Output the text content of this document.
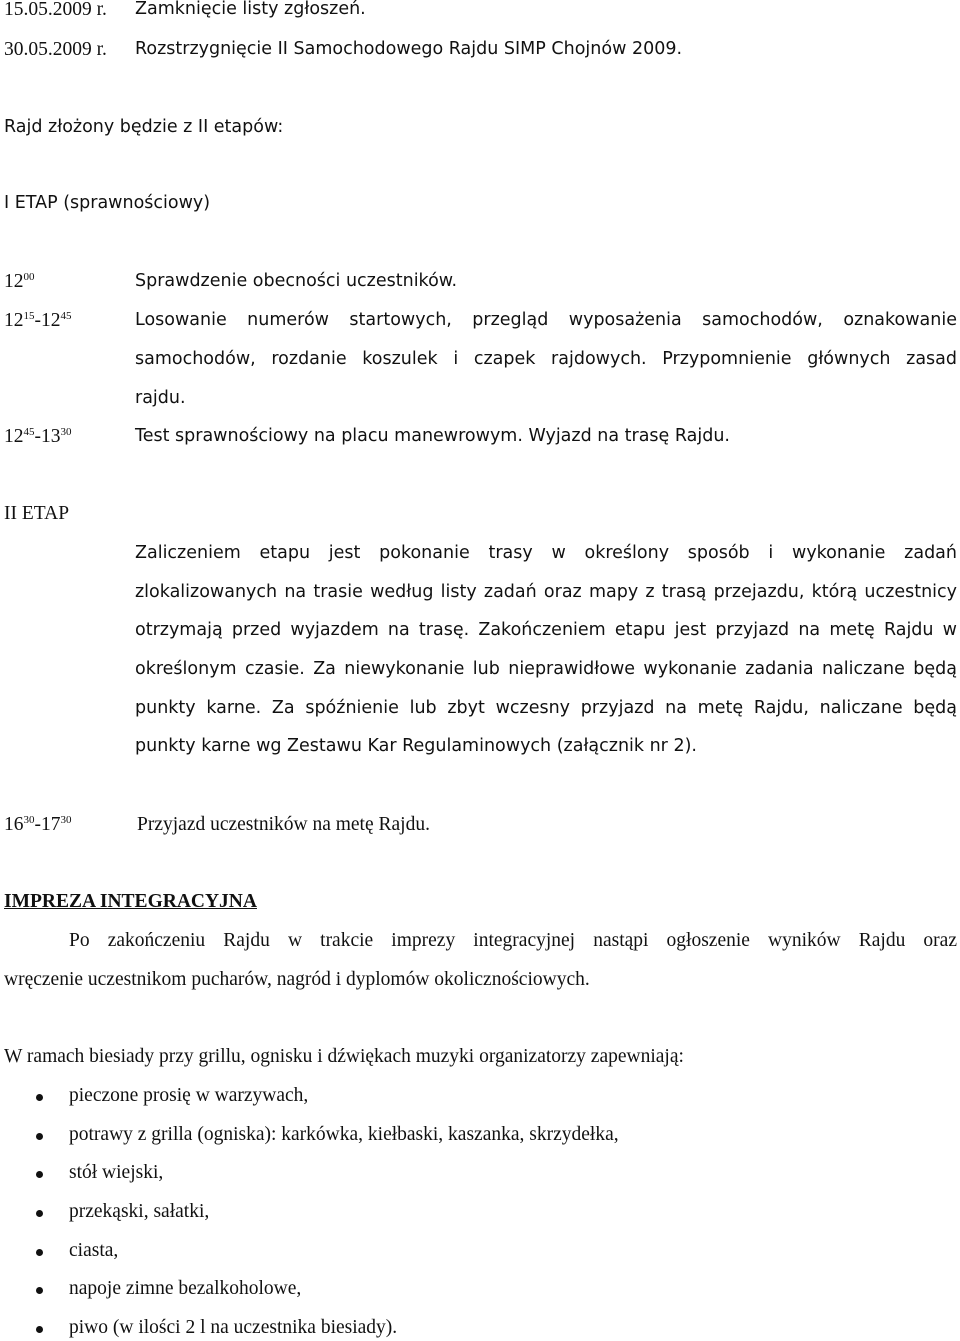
15.05.2009 r. Zamknięcie listy zgłoszeń.
30.05.2009 r. Rozstrzygnięcie II Samochodowego Rajdu SIMP Chojnów 2009.
Rajd złożony będzie z II etapów:
I ETAP (sprawnościowy)
$12^{00}$	Sprawdzenie obecności uczestników.
$12^{15}-12^{45}$	Losowanie numerów startowych, przegląd wyposażenia samochodów, oznakowanie
samochodów, rozdanie koszulek i czapek rajdowych. Przypomnienie głównych zasad
rajdu.
$12^{45}-13^{30}$	Test sprawnościowy na placu manewrowym. Wyjazd na trasę Rajdu.
II ETAP
Zaliczeniem etapu jest pokonanie trasy w określony sposób i wykonanie zadań
zlokalizowanych na trasie według listy zadań oraz mapy z trasą przejazdu, którą uczestnicy
otrzymają przed wyjazdem na trasę. Zakończeniem etapu jest przyjazd na metę Rajdu w
określonym czasie. Za niewykonanie lub nieprawidłowe wykonanie zadania naliczane będą
punkty karne. Za spóźnienie lub zbyt wczesny przyjazd na metę Rajdu, naliczane będą
punkty karne wg Zestawu Kar Regulaminowych (załącznik nr 2).
$16^{30}-17^{30}$	Przyjazd uczestników na metę Rajdu.
IMPREZA INTEGRACYJNA
Po zakończeniu Rajdu w trakcie imprezy integracyjnej nastąpi ogłoszenie wyników Rajdu oraz
wręczenie uczestnikom pucharów, nagród i dyplomów okolicznościowych.
W ramach biesiady przy grillu, ognisku i dźwiękach muzyki organizatorzy zapewniają:
pieczone prosię w warzywach,
potrawy z grilla (ogniska): karkówka, kiełbaski, kaszanka, skrzydełka,
stół wiejski,
przekąski, sałatki,
ciasta,
napoje zimne bezalkoholowe,
piwo (w ilości 2 l na uczestnika biesiady).
